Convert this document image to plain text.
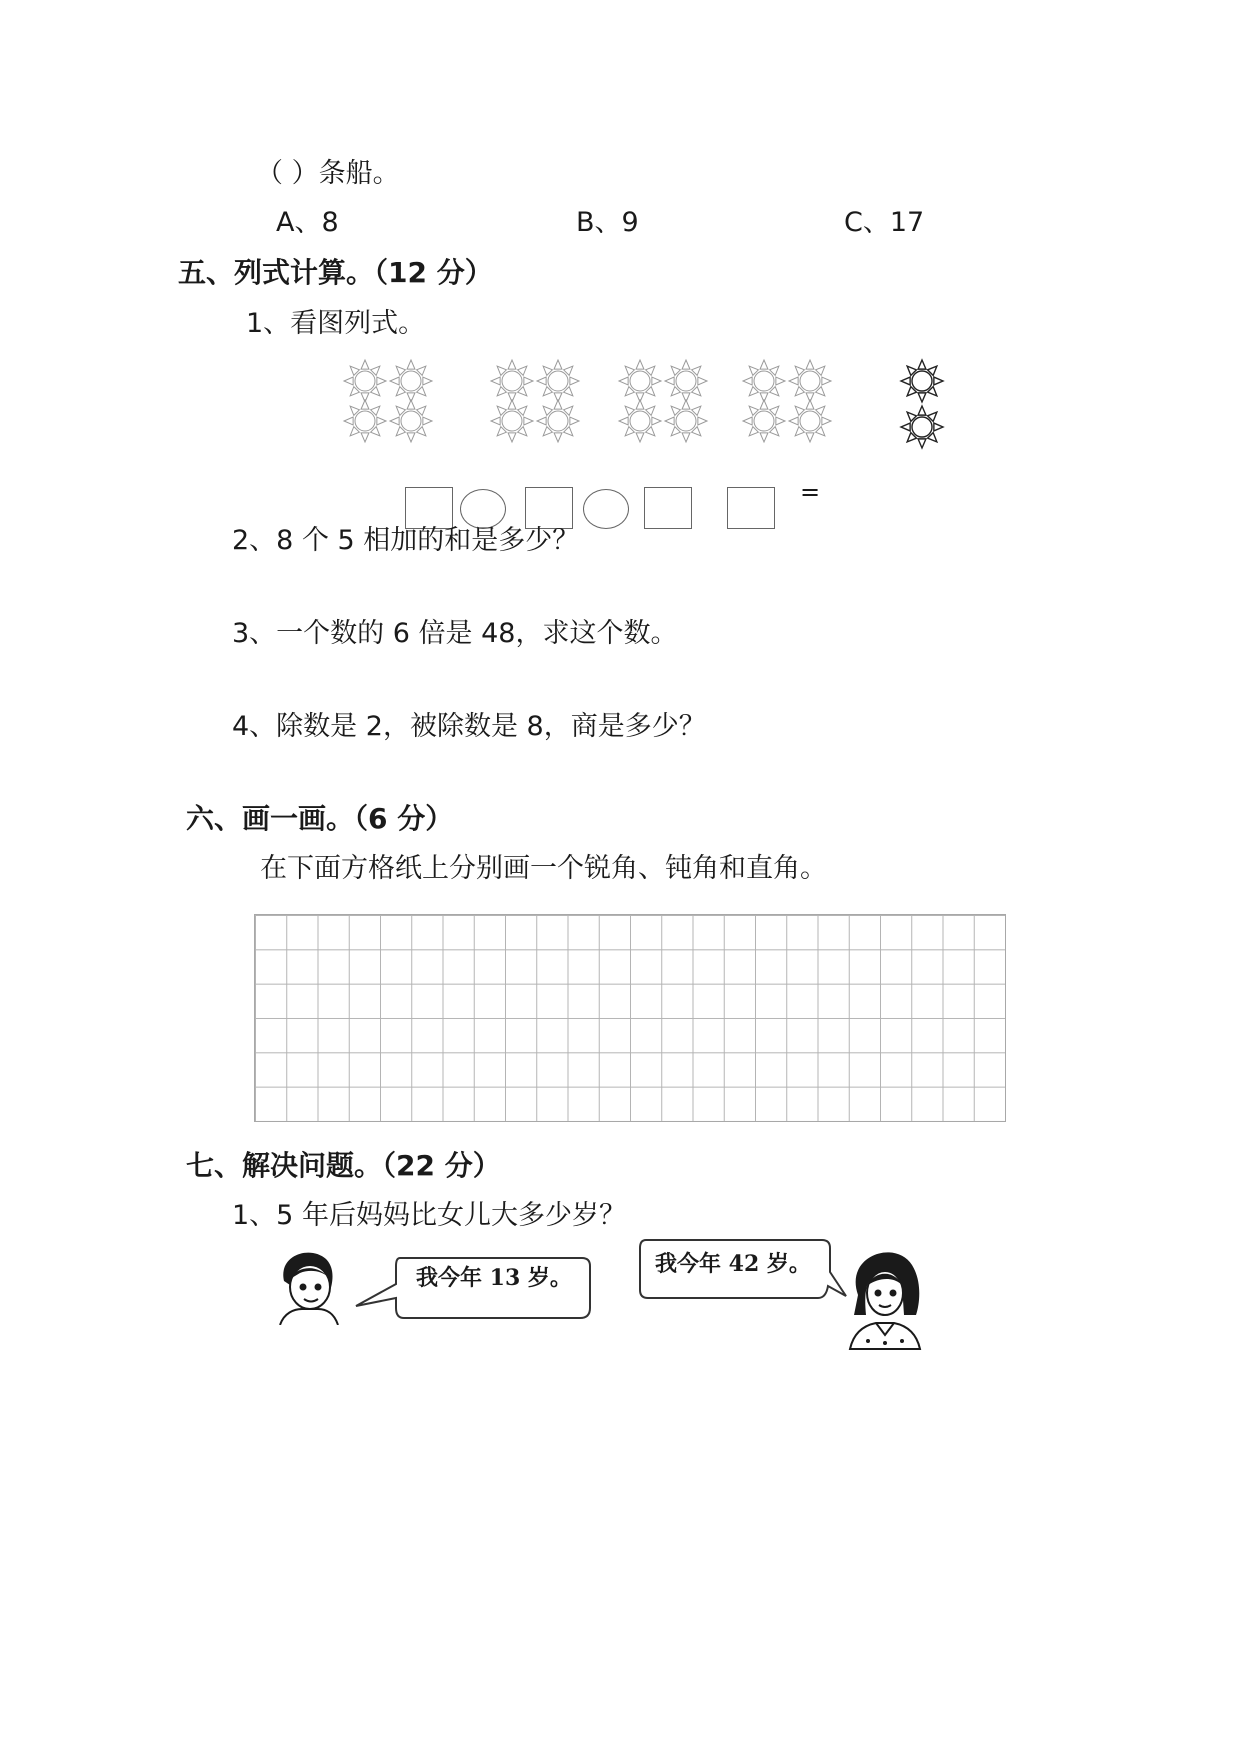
（ ）条船。
A、8	B、9	C、17
五、列式计算。（12 分）
1、看图列式。
=
2、8 个 5 相加的和是多少？
3、一个数的 6 倍是 48，求这个数。
4、除数是 2，被除数是 8，商是多少？
六、画一画。（6 分）
在下面方格纸上分别画一个锐角、钝角和直角。
七、解决问题。（22 分）
1、5 年后妈妈比女儿大多少岁？
我今年 13 岁。
我今年 42 岁。
